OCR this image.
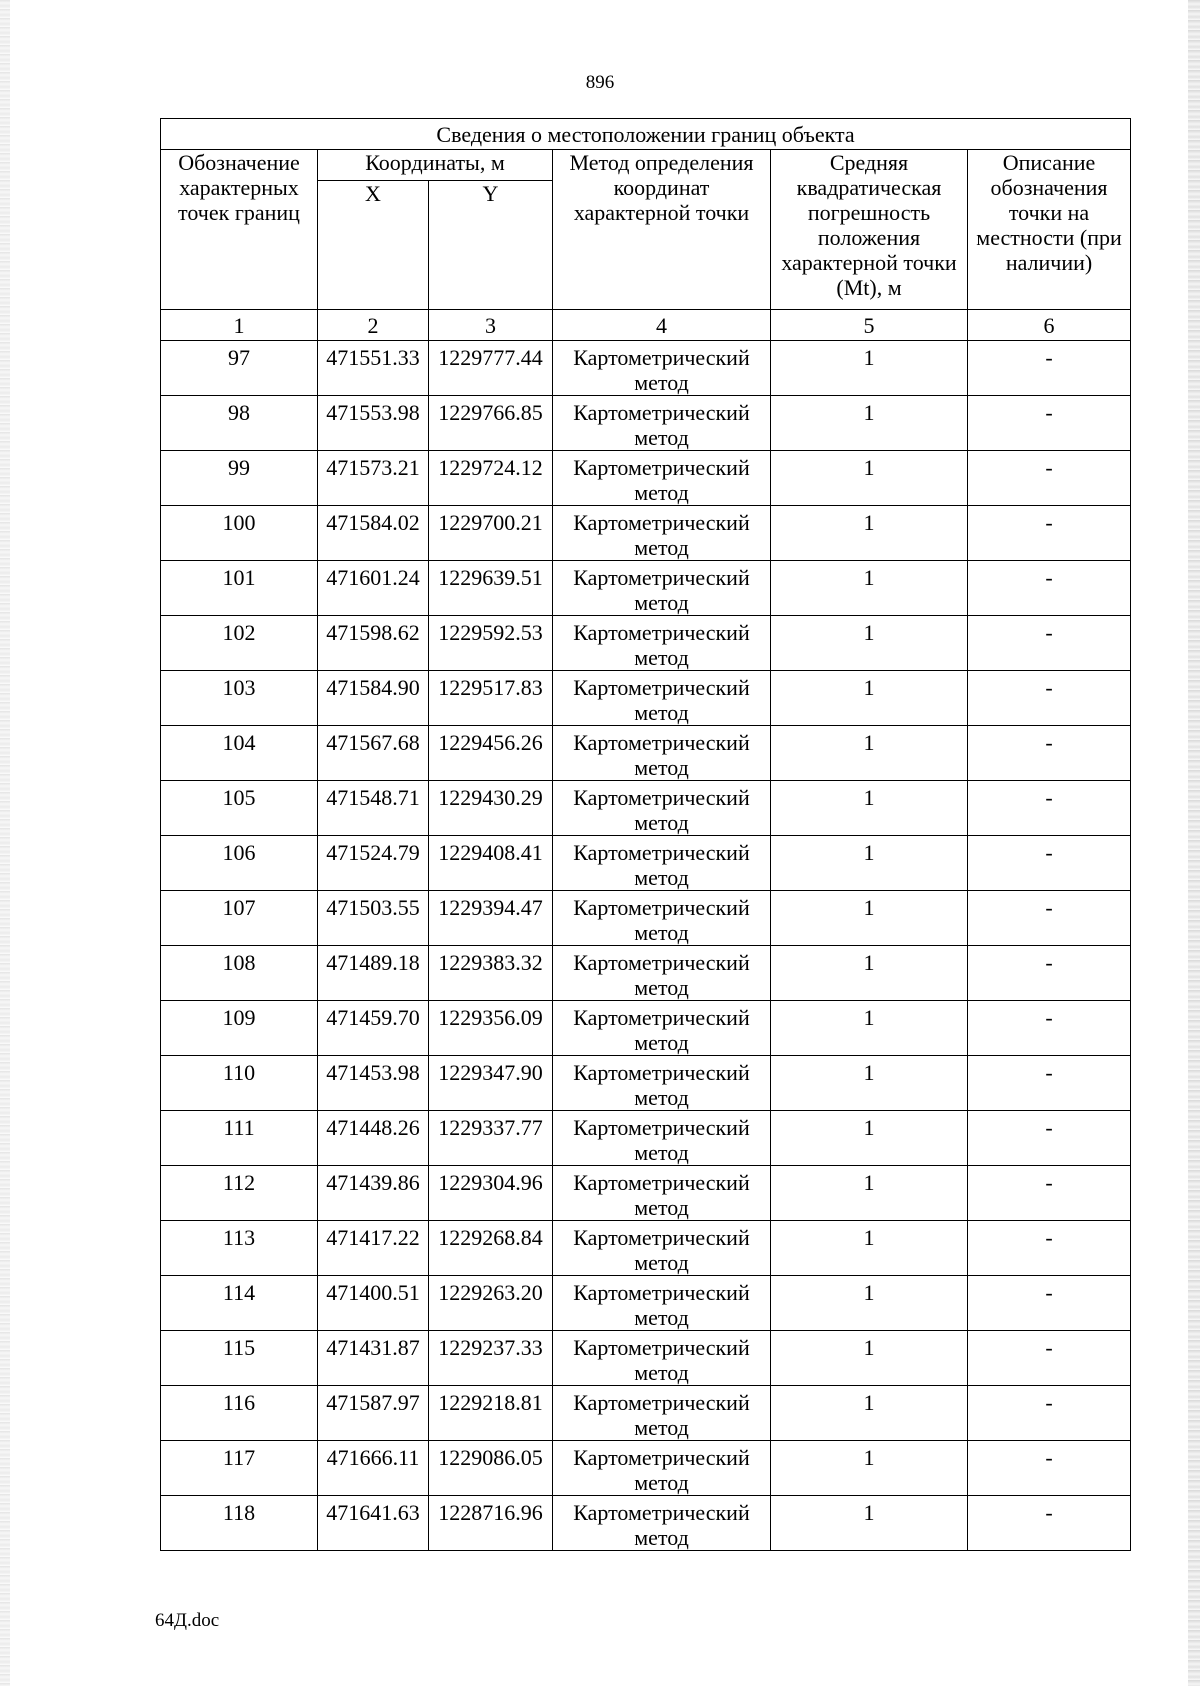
896
Сведения о местоположении границ объекта					
Обозначение характерных точек границ	Координаты, м		Метод определения координат характерной точки	Средняя квадратическая погрешность положения характерной точки (Mt), м	Описание обозначения точки на местности (при наличии)
	X	Y			
1	2	3	4	5	6
97	471551.33	1229777.44	Картометрический метод	1	-
98	471553.98	1229766.85	Картометрический метод	1	-
99	471573.21	1229724.12	Картометрический метод	1	-
100	471584.02	1229700.21	Картометрический метод	1	-
101	471601.24	1229639.51	Картометрический метод	1	-
102	471598.62	1229592.53	Картометрический метод	1	-
103	471584.90	1229517.83	Картометрический метод	1	-
104	471567.68	1229456.26	Картометрический метод	1	-
105	471548.71	1229430.29	Картометрический метод	1	-
106	471524.79	1229408.41	Картометрический метод	1	-
107	471503.55	1229394.47	Картометрический метод	1	-
108	471489.18	1229383.32	Картометрический метод	1	-
109	471459.70	1229356.09	Картометрический метод	1	-
110	471453.98	1229347.90	Картометрический метод	1	-
111	471448.26	1229337.77	Картометрический метод	1	-
112	471439.86	1229304.96	Картометрический метод	1	-
113	471417.22	1229268.84	Картометрический метод	1	-
114	471400.51	1229263.20	Картометрический метод	1	-
115	471431.87	1229237.33	Картометрический метод	1	-
116	471587.97	1229218.81	Картометрический метод	1	-
117	471666.11	1229086.05	Картометрический метод	1	-
118	471641.63	1228716.96	Картометрический метод	1	-
64Д.doc
